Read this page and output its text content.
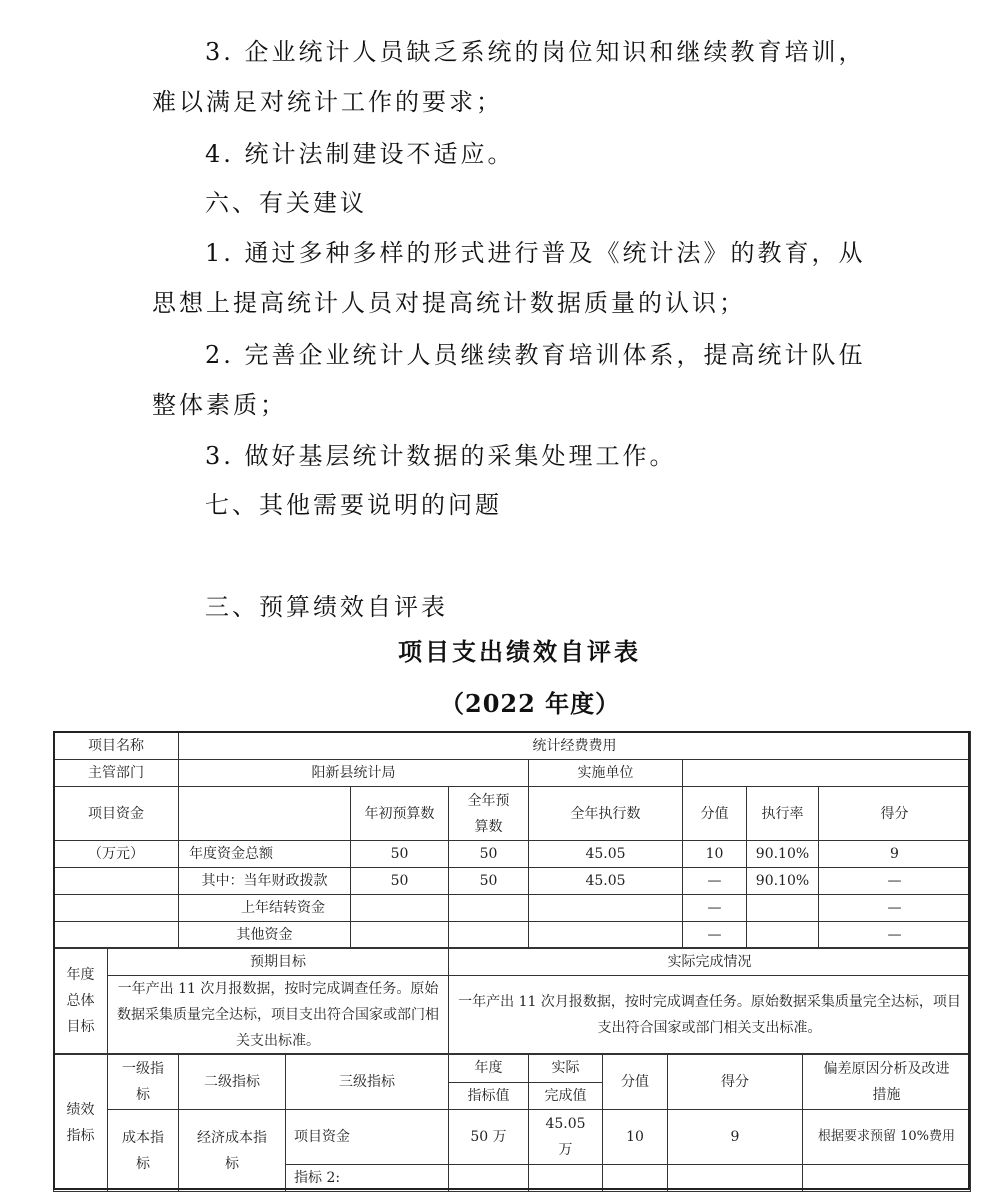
3. 企业统计人员缺乏系统的岗位知识和继续教育培训，
难以满足对统计工作的要求；
4. 统计法制建设不适应。
六、有关建议
1. 通过多种多样的形式进行普及《统计法》的教育，从
思想上提高统计人员对提高统计数据质量的认识；
2. 完善企业统计人员继续教育培训体系，提高统计队伍
整体素质；
3. 做好基层统计数据的采集处理工作。
七、其他需要说明的问题
三、预算绩效自评表
项目支出绩效自评表
（2022 年度）
项目名称	统计经费费用						
主管部门	阳新县统计局			实施单位			
项目资金		年初预算数	全年预算数	全年执行数	分值	执行率	得分
（万元）	年度资金总额	50	50	45.05	10	90.10%	9
	其中：当年财政拨款	50	50	45.05	—	90.10%	—
	上年结转资金				—		—
	其他资金				—		—
年度总体目标	预期目标	实际完成情况
	一年产出 11 次月报数据，按时完成调查任务。原始数据采集质量完全达标，项目支出符合国家或部门相关支出标准。	一年产出 11 次月报数据，按时完成调查任务。原始数据采集质量完全达标，项目支出符合国家或部门相关支出标准。
绩效指标	一级指标	二级指标	三级指标	年度	实际	分值	得分	偏差原因分析及改进措施
				指标值	完成值			
	成本指标	经济成本指标	项目资金	50 万	45.05 万	10	9	根据要求预留 10%费用
			指标 2:					
